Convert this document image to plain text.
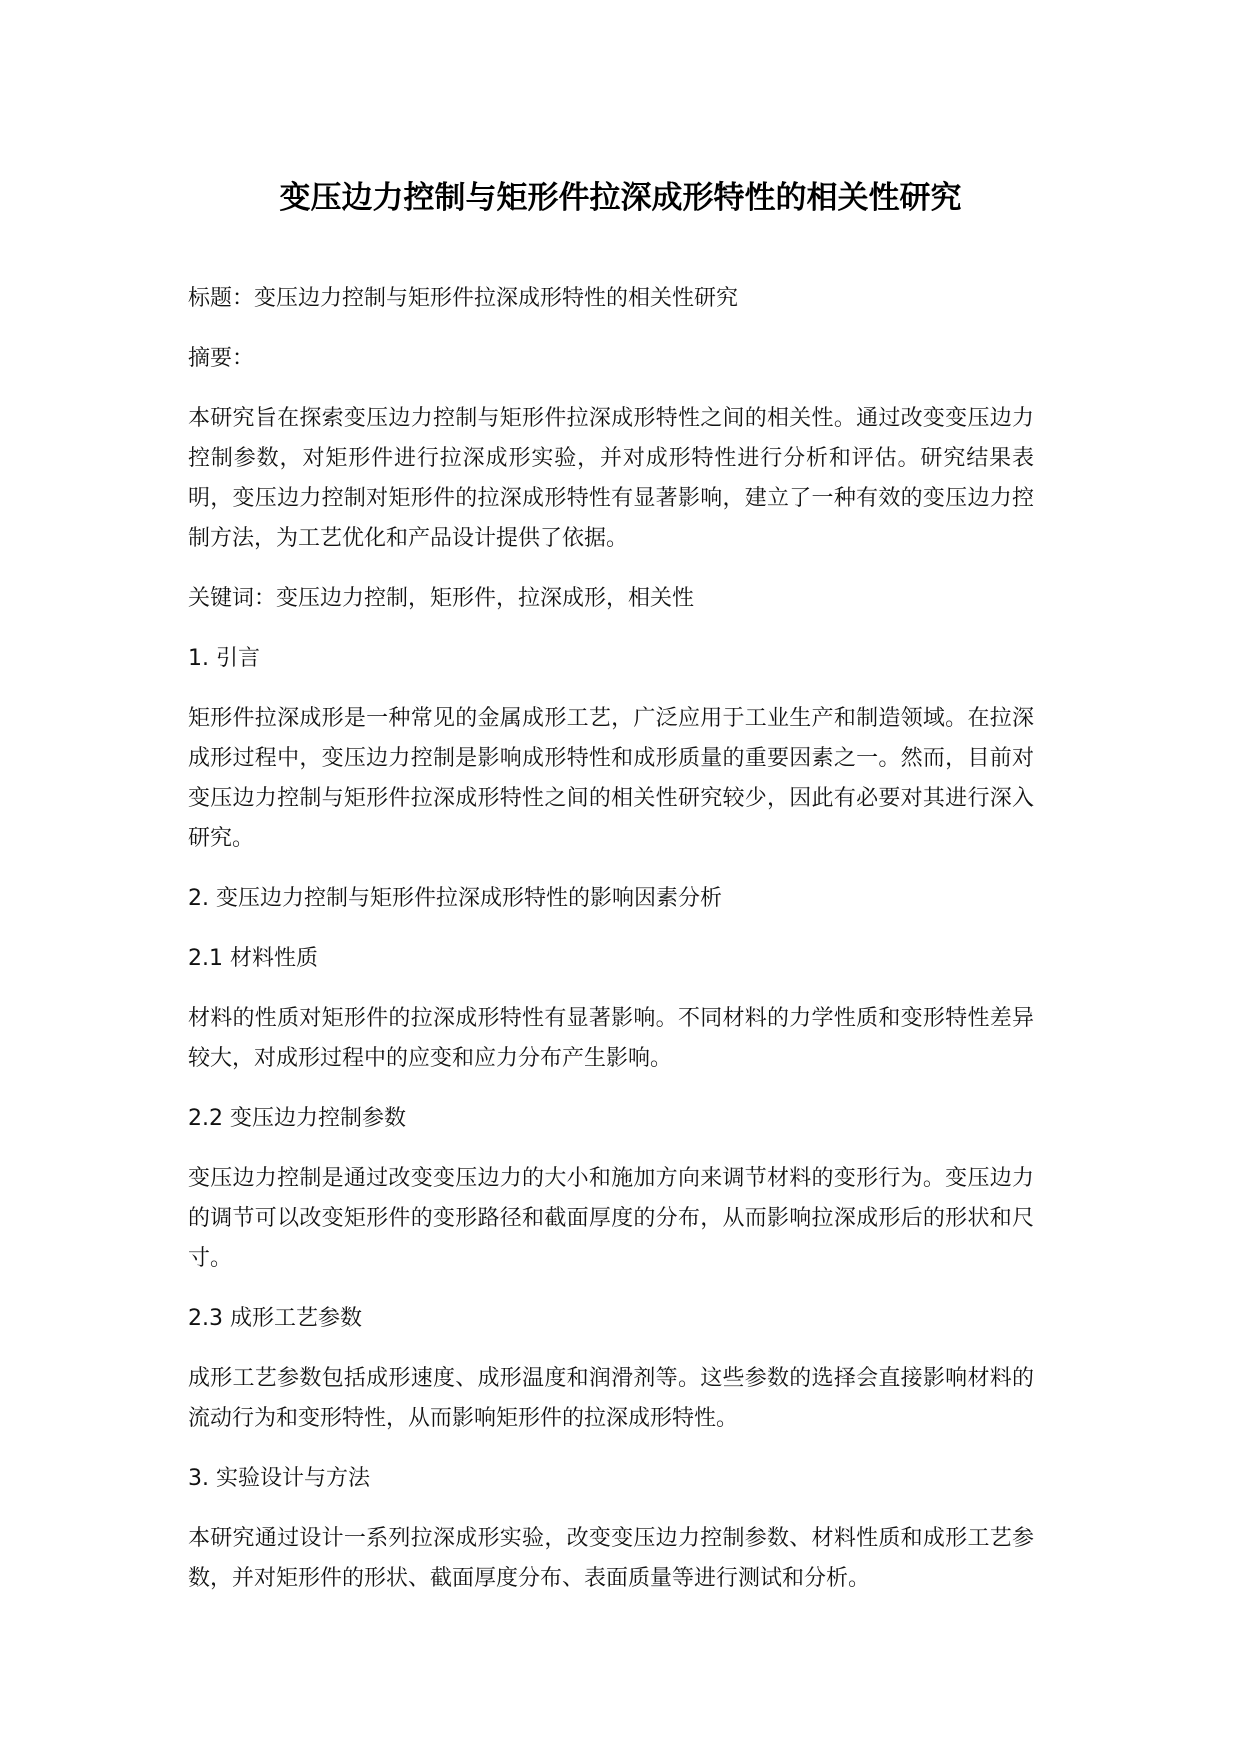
变压边力控制与矩形件拉深成形特性的相关性研究

标题：变压边力控制与矩形件拉深成形特性的相关性研究

摘要：

本研究旨在探索变压边力控制与矩形件拉深成形特性之间的相关性。通过改变变压边力控制参数，对矩形件进行拉深成形实验，并对成形特性进行分析和评估。研究结果表明，变压边力控制对矩形件的拉深成形特性有显著影响，建立了一种有效的变压边力控制方法，为工艺优化和产品设计提供了依据。

关键词：变压边力控制，矩形件，拉深成形，相关性

1. 引言

矩形件拉深成形是一种常见的金属成形工艺，广泛应用于工业生产和制造领域。在拉深成形过程中，变压边力控制是影响成形特性和成形质量的重要因素之一。然而，目前对变压边力控制与矩形件拉深成形特性之间的相关性研究较少，因此有必要对其进行深入研究。

2. 变压边力控制与矩形件拉深成形特性的影响因素分析

2.1 材料性质

材料的性质对矩形件的拉深成形特性有显著影响。不同材料的力学性质和变形特性差异较大，对成形过程中的应变和应力分布产生影响。

2.2 变压边力控制参数

变压边力控制是通过改变变压边力的大小和施加方向来调节材料的变形行为。变压边力的调节可以改变矩形件的变形路径和截面厚度的分布，从而影响拉深成形后的形状和尺寸。

2.3 成形工艺参数

成形工艺参数包括成形速度、成形温度和润滑剂等。这些参数的选择会直接影响材料的流动行为和变形特性，从而影响矩形件的拉深成形特性。

3. 实验设计与方法

本研究通过设计一系列拉深成形实验，改变变压边力控制参数、材料性质和成形工艺参数，并对矩形件的形状、截面厚度分布、表面质量等进行测试和分析。
